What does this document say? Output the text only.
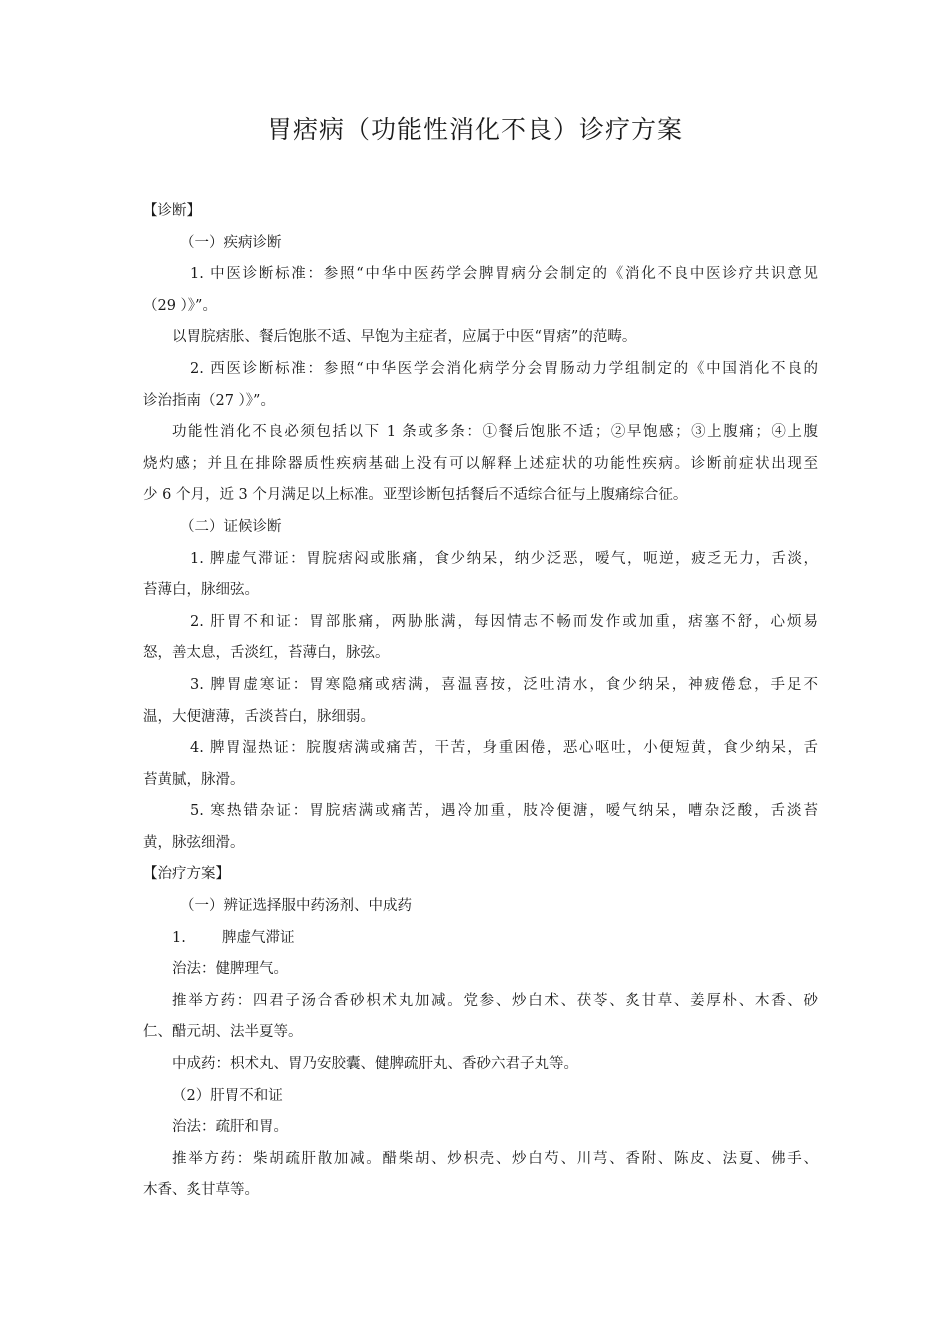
胃痞病（功能性消化不良）诊疗方案
【诊断】
（一）疾病诊断
1. 中医诊断标准：参照“中华中医药学会脾胃病分会制定的《消化不良中医诊疗共识意见
（29 ）》”。
以胃脘痞胀、餐后饱胀不适、早饱为主症者，应属于中医“胃痞”的范畴。
2. 西医诊断标准：参照“中华医学会消化病学分会胃肠动力学组制定的《中国消化不良的
诊治指南（27 ）》”。
功能性消化不良必须包括以下 1 条或多条：①餐后饱胀不适；②早饱感；③上腹痛；④上腹
烧灼感；并且在排除器质性疾病基础上没有可以解释上述症状的功能性疾病。诊断前症状出现至
少 6 个月，近 3 个月满足以上标准。亚型诊断包括餐后不适综合征与上腹痛综合征。
（二）证候诊断
1. 脾虚气滞证：胃脘痞闷或胀痛，食少纳呆，纳少泛恶，嗳气，呃逆，疲乏无力，舌淡，
苔薄白，脉细弦。
2. 肝胃不和证：胃部胀痛，两胁胀满，每因情志不畅而发作或加重，痞塞不舒，心烦易
怒，善太息，舌淡红，苔薄白，脉弦。
3. 脾胃虚寒证：胃寒隐痛或痞满，喜温喜按，泛吐清水，食少纳呆，神疲倦怠，手足不
温，大便溏薄，舌淡苔白，脉细弱。
4. 脾胃湿热证：脘腹痞满或痛苦，干苦，身重困倦，恶心呕吐，小便短黄，食少纳呆，舌
苔黄腻，脉滑。
5. 寒热错杂证：胃脘痞满或痛苦，遇冷加重，肢冷便溏，嗳气纳呆，嘈杂泛酸，舌淡苔
黄，脉弦细滑。
【治疗方案】
（一）辨证选择服中药汤剂、中成药
1. 脾虚气滞证
治法：健脾理气。
推举方药：四君子汤合香砂枳术丸加减。党参、炒白术、茯苓、炙甘草、姜厚朴、木香、砂
仁、醋元胡、法半夏等。
中成药：枳术丸、胃乃安胶囊、健脾疏肝丸、香砂六君子丸等。
（2）肝胃不和证
治法：疏肝和胃。
推举方药：柴胡疏肝散加减。醋柴胡、炒枳壳、炒白芍、川芎、香附、陈皮、法夏、佛手、
木香、炙甘草等。
